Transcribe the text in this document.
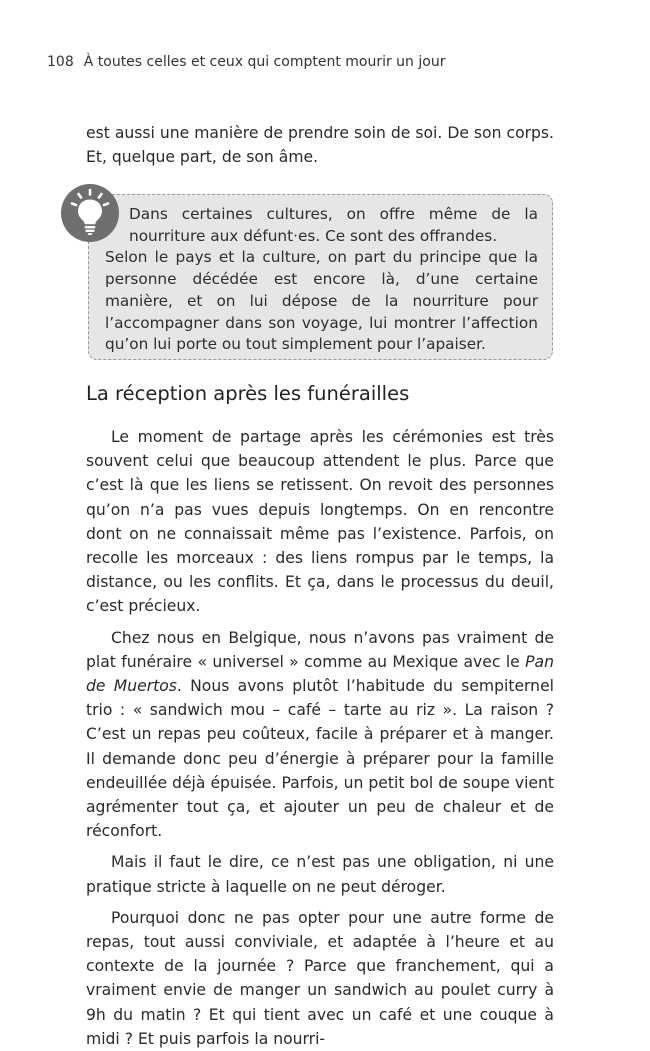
108 À toutes celles et ceux qui comptent mourir un jour

est aussi une manière de prendre soin de soi. De son corps. Et, quelque part, de son âme.

Dans certaines cultures, on offre même de la nourriture aux défunt·es. Ce sont des offrandes.

Selon le pays et la culture, on part du principe que la personne décédée est encore là, d’une certaine manière, et on lui dépose de la nourriture pour l’accompagner dans son voyage, lui montrer l’affection qu’on lui porte ou tout simplement pour l’apaiser.

La réception après les funérailles

Le moment de partage après les cérémonies est très souvent celui que beaucoup attendent le plus. Parce que c’est là que les liens se retissent. On revoit des personnes qu’on n’a pas vues depuis longtemps. On en rencontre dont on ne connaissait même pas l’existence. Parfois, on recolle les morceaux : des liens rompus par le temps, la distance, ou les conflits. Et ça, dans le processus du deuil, c’est précieux.

Chez nous en Belgique, nous n’avons pas vraiment de plat funéraire « universel » comme au Mexique avec le Pan de Muertos. Nous avons plutôt l’habitude du sempiternel trio : « sandwich mou – café – tarte au riz ». La raison ? C’est un repas peu coûteux, facile à préparer et à manger. Il demande donc peu d’énergie à préparer pour la famille endeuillée déjà épuisée. Parfois, un petit bol de soupe vient agrémenter tout ça, et ajouter un peu de chaleur et de réconfort.

Mais il faut le dire, ce n’est pas une obligation, ni une pratique stricte à laquelle on ne peut déroger.

Pourquoi donc ne pas opter pour une autre forme de repas, tout aussi conviviale, et adaptée à l’heure et au contexte de la journée ? Parce que franchement, qui a vraiment envie de manger un sandwich au poulet curry à 9h du matin ? Et qui tient avec un café et une couque à midi ? Et puis parfois la nourri-
